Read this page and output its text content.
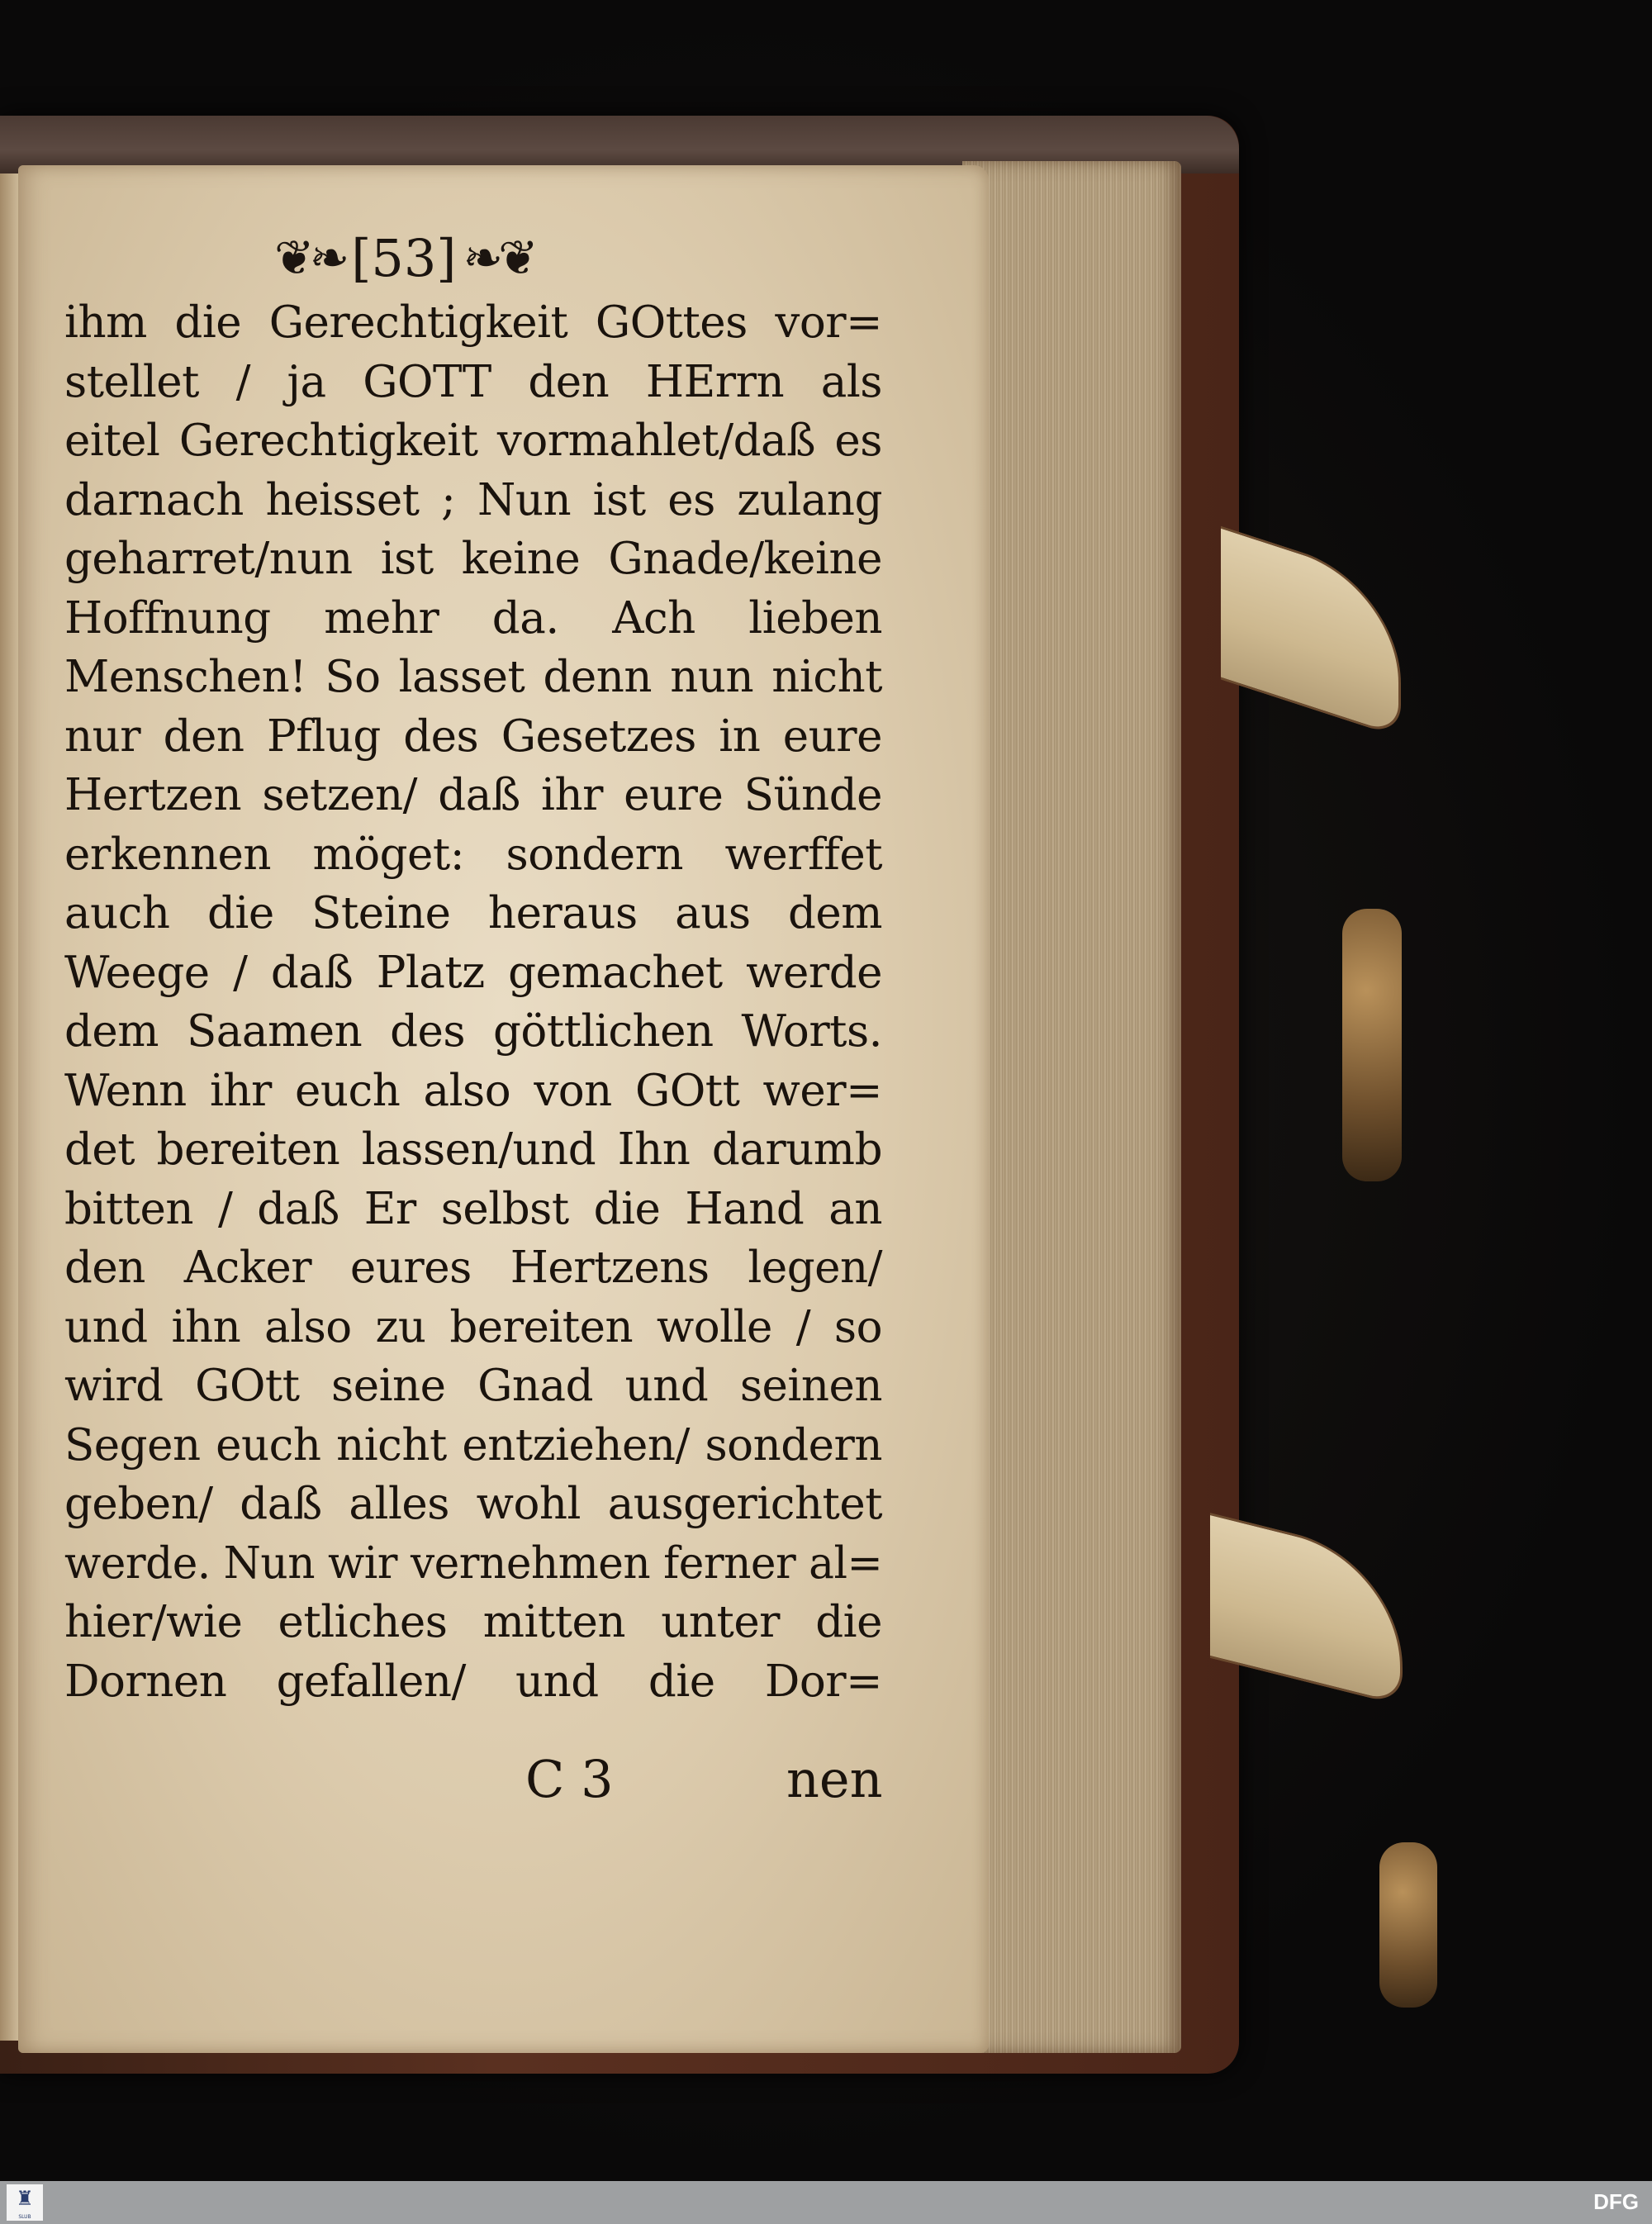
❦❧ [53] ❧❦
ihm die Gerechtigkeit GOttes vor=
stellet / ja GOTT den HErrn als
eitel Gerechtigkeit vormahlet/daß es
darnach heisset ; Nun ist es zulang
geharret/nun ist keine Gnade/keine
Hoffnung mehr da. Ach lieben
Menschen! So lasset denn nun nicht
nur den Pflug des Gesetzes in eure
Hertzen setzen/ daß ihr eure Sünde
erkennen möget: sondern werffet
auch die Steine heraus aus dem
Weege / daß Platz gemachet werde
dem Saamen des göttlichen Worts.
Wenn ihr euch also von GOtt wer=
det bereiten lassen/und Ihn darumb
bitten / daß Er selbst die Hand an
den Acker eures Hertzens legen/
und ihn also zu bereiten wolle / so
wird GOtt seine Gnad und seinen
Segen euch nicht entziehen/ sondern
geben/ daß alles wohl ausgerichtet
werde. Nun wir vernehmen ferner al=
hier/wie etliches mitten unter die
Dornen gefallen/ und die Dor=
C 3	nen
♜
SLUB
DFG
